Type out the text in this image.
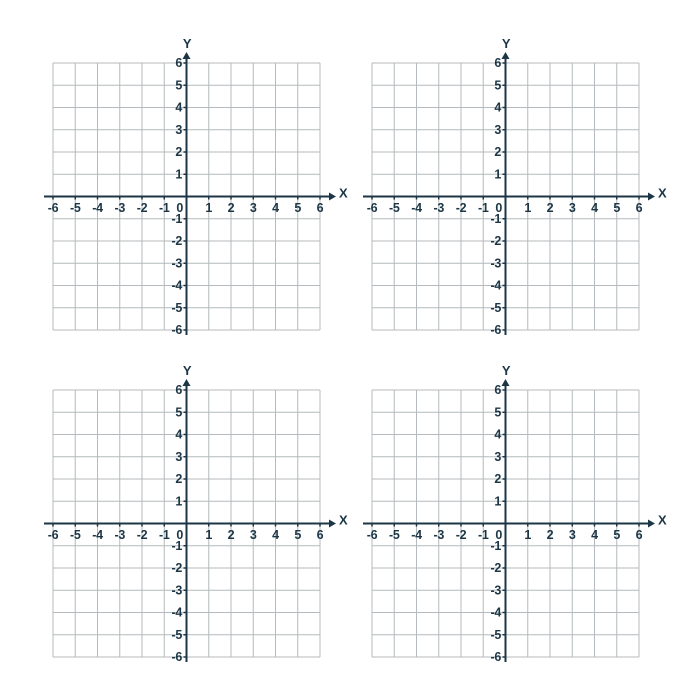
-6 -5 -4 -3 -2 -1 0 1 2 3 4 5 6
6
5
4
3
2
1
-1
-2
-3
-4
-5
-6
X
Y
-6 -5 -4 -3 -2 -1 0 1 2 3 4 5 6
6
5
4
3
2
1
-1
-2
-3
-4
-5
-6
X
Y
-6 -5 -4 -3 -2 -1 0 1 2 3 4 5 6
6
5
4
3
2
1
-1
-2
-3
-4
-5
-6
X
Y
-6 -5 -4 -3 -2 -1 0 1 2 3 4 5 6
6
5
4
3
2
1
-1
-2
-3
-4
-5
-6
X
Y
